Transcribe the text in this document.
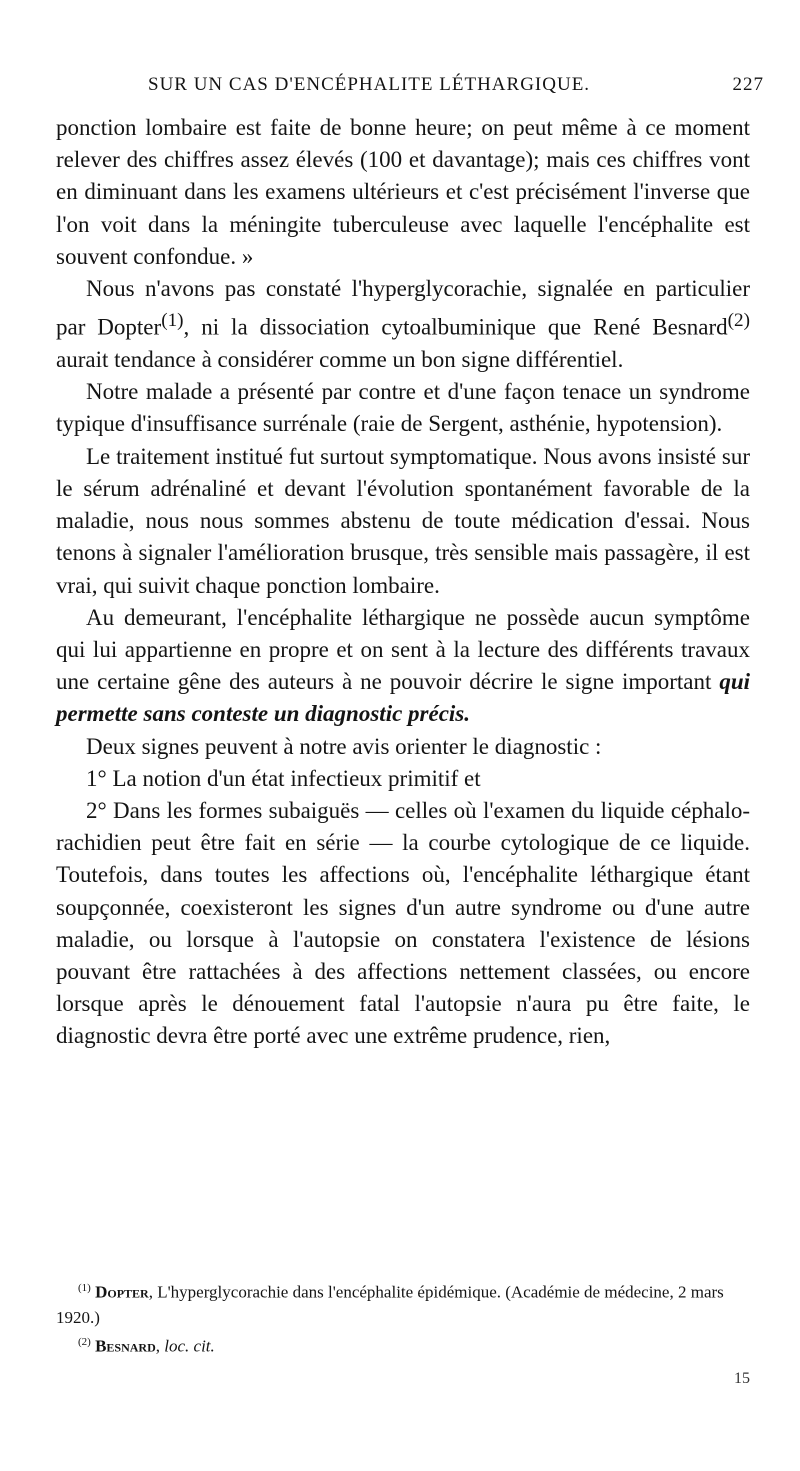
SUR UN CAS D'ENCÉPHALITE LÉTHARGIQUE.	227

ponction lombaire est faite de bonne heure; on peut même à ce moment relever des chiffres assez élevés (100 et davantage); mais ces chiffres vont en diminuant dans les examens ultérieurs et c'est précisément l'inverse que l'on voit dans la méningite tuberculeuse avec laquelle l'encéphalite est souvent confondue. »

Nous n'avons pas constaté l'hyperglycorachie, signalée en particulier par Dopter$^{(1)}$, ni la dissociation cytoalbuminique que René Besnard$^{(2)}$ aurait tendance à considérer comme un bon signe différentiel.

Notre malade a présenté par contre et d'une façon tenace un syndrome typique d'insuffisance surrénale (raie de Sergent, asthénie, hypotension).

Le traitement institué fut surtout symptomatique. Nous avons insisté sur le sérum adrénaliné et devant l'évolution spontanément favorable de la maladie, nous nous sommes abstenu de toute médication d'essai. Nous tenons à signaler l'amélioration brusque, très sensible mais passagère, il est vrai, qui suivit chaque ponction lombaire.

Au demeurant, l'encéphalite léthargique ne possède aucun symptôme qui lui appartienne en propre et on sent à la lecture des différents travaux une certaine gêne des auteurs à ne pouvoir décrire le signe important qui permette sans conteste un diagnostic précis.

Deux signes peuvent à notre avis orienter le diagnostic :

1° La notion d'un état infectieux primitif et

2° Dans les formes subaiguës — celles où l'examen du liquide céphalo-rachidien peut être fait en série — la courbe cytologique de ce liquide. Toutefois, dans toutes les affections où, l'encéphalite léthargique étant soupçonnée, coexisteront les signes d'un autre syndrome ou d'une autre maladie, ou lorsque à l'autopsie on constatera l'existence de lésions pouvant être rattachées à des affections nettement classées, ou encore lorsque après le dénouement fatal l'autopsie n'aura pu être faite, le diagnostic devra être porté avec une extrême prudence, rien,

$^{(1)}$ Dopter, L'hyperglycorachie dans l'encéphalite épidémique. (Académie de médecine, 2 mars 1920.)

$^{(2)}$ Besnard, loc. cit.

15
